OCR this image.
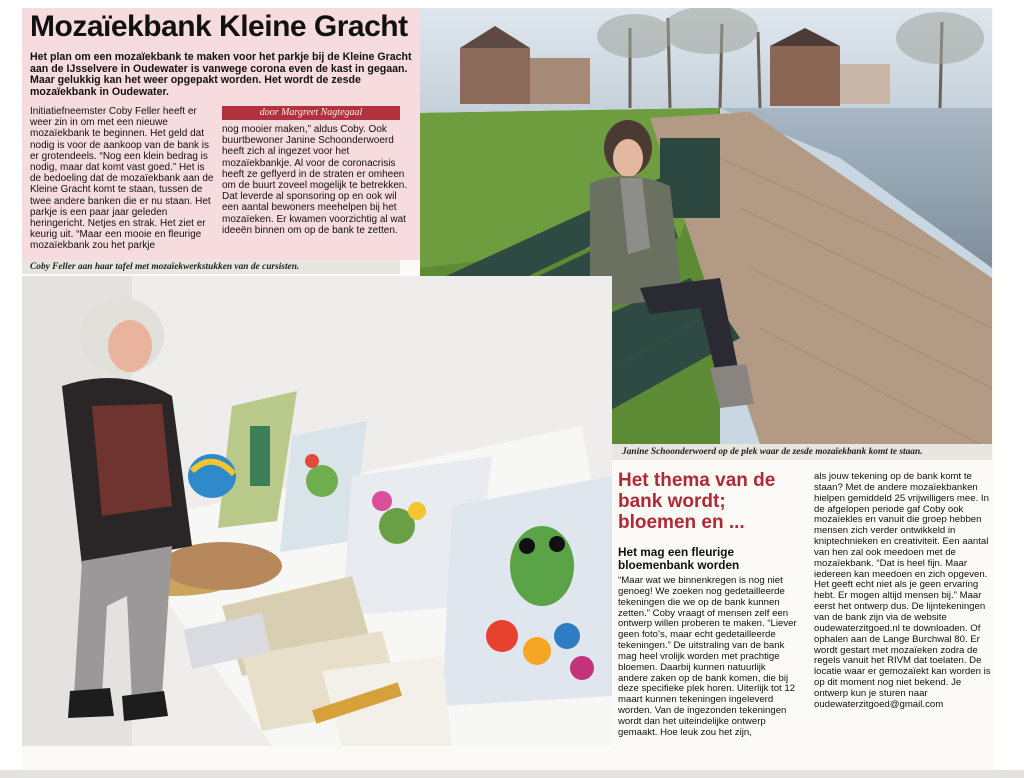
Mozaïekbank Kleine Gracht
Het plan om een mozaïekbank te maken voor het parkje bij de Kleine Gracht aan de IJsselvere in Oudewater is vanwege corona even de kast in gegaan. Maar gelukkig kan het weer opgepakt worden. Het wordt de zesde mozaïekbank in Oudewater.

Initiatiefneemster Coby Feller heeft er weer zin in om met een nieuwe mozaïekbank te beginnen. Het geld dat nodig is voor de aankoop van de bank is er grotendeels. “Nog een klein bedrag is nodig, maar dat komt vast goed.” Het is de bedoeling dat de mozaïekbank aan de Kleine Gracht komt te staan, tussen de twee andere banken die er nu staan. Het parkje is een paar jaar geleden heringericht. Netjes en strak. Het ziet er keurig uit. “Maar een mooie en fleurige mozaïekbank zou het parkje

door Margreet Nagtegaal

nog mooier maken,” aldus Coby. Ook buurtbewoner Janine Schoonderwoerd heeft zich al ingezet voor het mozaïekbankje. Al voor de coronacrisis heeft ze geflyerd in de straten er omheen om de buurt zoveel mogelijk te betrekken. Dat leverde al sponsoring op en ook wil een aantal bewoners meehelpen bij het mozaïeken. Er kwamen voorzichtig al wat ideeën binnen om op de bank te zetten.

Coby Feller aan haar tafel met mozaïekwerkstukken van de cursisten.
Janine Schoonderwoerd op de plek waar de zesde mozaïekbank komt te staan.
Het thema van de bank wordt; bloemen en ...
Het mag een fleurige bloemenbank worden

“Maar wat we binnenkregen is nog niet genoeg! We zoeken nog gedetailleerde tekeningen die we op de bank kunnen zetten.” Coby vraagt of mensen zelf een ontwerp willen proberen te maken. “Liever geen foto’s, maar echt gedetailleerde tekeningen.” De uitstraling van de bank mag heel vrolijk worden met prachtige bloemen. Daarbij kunnen natuurlijk andere zaken op de bank komen, die bij deze specifieke plek horen. Uiterlijk tot 12 maart kunnen tekeningen ingeleverd worden. Van de ingezonden tekeningen wordt dan het uiteindelijke ontwerp gemaakt. Hoe leuk zou het zijn,

als jouw tekening op de bank komt te staan? Met de andere mozaïekbanken hielpen gemiddeld 25 vrijwilligers mee. In de afgelopen periode gaf Coby ook mozaïekles en vanuit die groep hebben mensen zich verder ontwikkeld in kniptechnieken en creativiteit. Een aantal van hen zal ook meedoen met de mozaïekbank. “Dat is heel fijn. Maar iedereen kan meedoen en zich opgeven. Het geeft echt niet als je geen ervaring hebt. Er mogen altijd mensen bij.” Maar eerst het ontwerp dus. De lijntekeningen van de bank zijn via de website oudewaterzitgoed.nl te downloaden. Of ophalen aan de Lange Burchwal 80. Er wordt gestart met mozaïeken zodra de regels vanuit het RIVM dat toelaten. De locatie waar er gemozaïekt kan worden is op dit moment nog niet bekend. Je ontwerp kun je sturen naar oudewaterzitgoed@gmail.com
